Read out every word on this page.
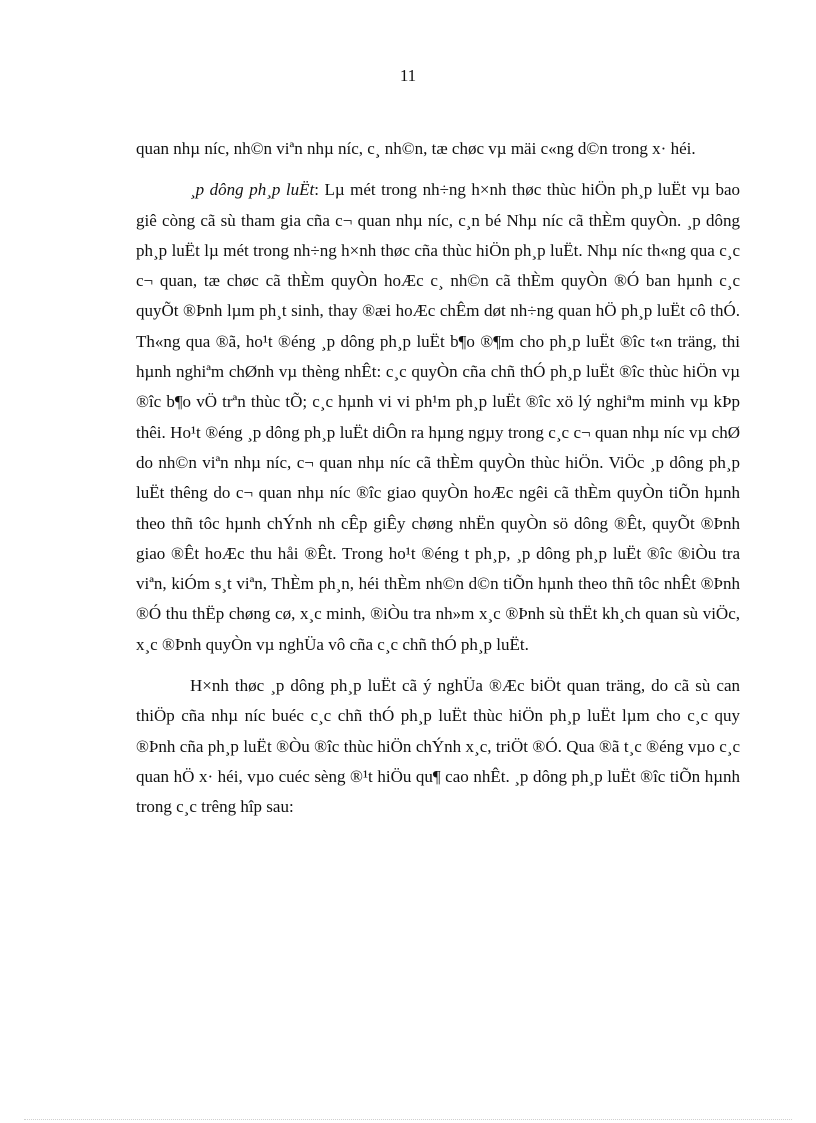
11

quan nhµ níc, nh©n viªn nhµ níc, c¸ nh©n, tæ chøc vµ mäi c«ng d©n trong x· héi.

¸p dông ph¸p luËt: Lµ mét trong nh÷ng h×nh thøc thùc hiÖn ph¸p luËt vµ bao giê còng cã sù tham gia cña c¬ quan nhµ níc, c¸n bé Nhµ níc cã thÈm quyÒn. ¸p dông ph¸p luËt lµ mét trong nh÷ng h×nh thøc cña thùc hiÖn ph¸p luËt. Nhµ níc th«ng qua c¸c c¬ quan, tæ chøc cã thÈm quyÒn hoÆc c¸ nh©n cã thÈm quyÒn ®Ó ban hµnh c¸c quyÕt ®Þnh lµm ph¸t sinh, thay ®æi hoÆc chÊm døt nh÷ng quan hÖ ph¸p luËt cô thÓ. Th«ng qua ®ã, ho¹t ®éng ¸p dông ph¸p luËt b¶o ®¶m cho ph¸p luËt ®îc t«n träng, thi hµnh nghiªm chØnh vµ thèng nhÊt: c¸c quyÒn cña chñ thÓ ph¸p luËt ®îc thùc hiÖn vµ ®îc b¶o vÖ trªn thùc tÕ; c¸c hµnh vi vi ph¹m ph¸p luËt ®îc xö lý nghiªm minh vµ kÞp thêi. Ho¹t ®éng ¸p dông ph¸p luËt diÔn ra hµng ngµy trong c¸c c¬ quan nhµ níc vµ chØ do nh©n viªn nhµ níc, c¬ quan nhµ níc cã thÈm quyÒn thùc hiÖn. ViÖc ¸p dông ph¸p luËt thêng do c¬ quan nhµ níc ®îc giao quyÒn hoÆc ngêi cã thÈm quyÒn tiÕn hµnh theo thñ tôc hµnh chÝnh nh cÊp giÊy chøng nhËn quyÒn sö dông ®Êt, quyÕt ®Þnh giao ®Êt hoÆc thu håi ®Êt. Trong ho¹t ®éng t ph¸p, ¸p dông ph¸p luËt ®îc ®iÒu tra viªn, kiÓm s¸t viªn, ThÈm ph¸n, héi thÈm nh©n d©n tiÕn hµnh theo thñ tôc nhÊt ®Þnh ®Ó thu thËp chøng cø, x¸c minh, ®iÒu tra nh»m x¸c ®Þnh sù thËt kh¸ch quan sù viÖc, x¸c ®Þnh quyÒn vµ nghÜa vô cña c¸c chñ thÓ ph¸p luËt.

H×nh thøc ¸p dông ph¸p luËt cã ý nghÜa ®Æc biÖt quan träng, do cã sù can thiÖp cña nhµ níc buéc c¸c chñ thÓ ph¸p luËt thùc hiÖn ph¸p luËt lµm cho c¸c quy ®Þnh cña ph¸p luËt ®Òu ®îc thùc hiÖn chÝnh x¸c, triÖt ®Ó. Qua ®ã t¸c ®éng vµo c¸c quan hÖ x· héi, vµo cuéc sèng ®¹t hiÖu qu¶ cao nhÊt. ¸p dông ph¸p luËt ®îc tiÕn hµnh trong c¸c trêng hîp sau:
